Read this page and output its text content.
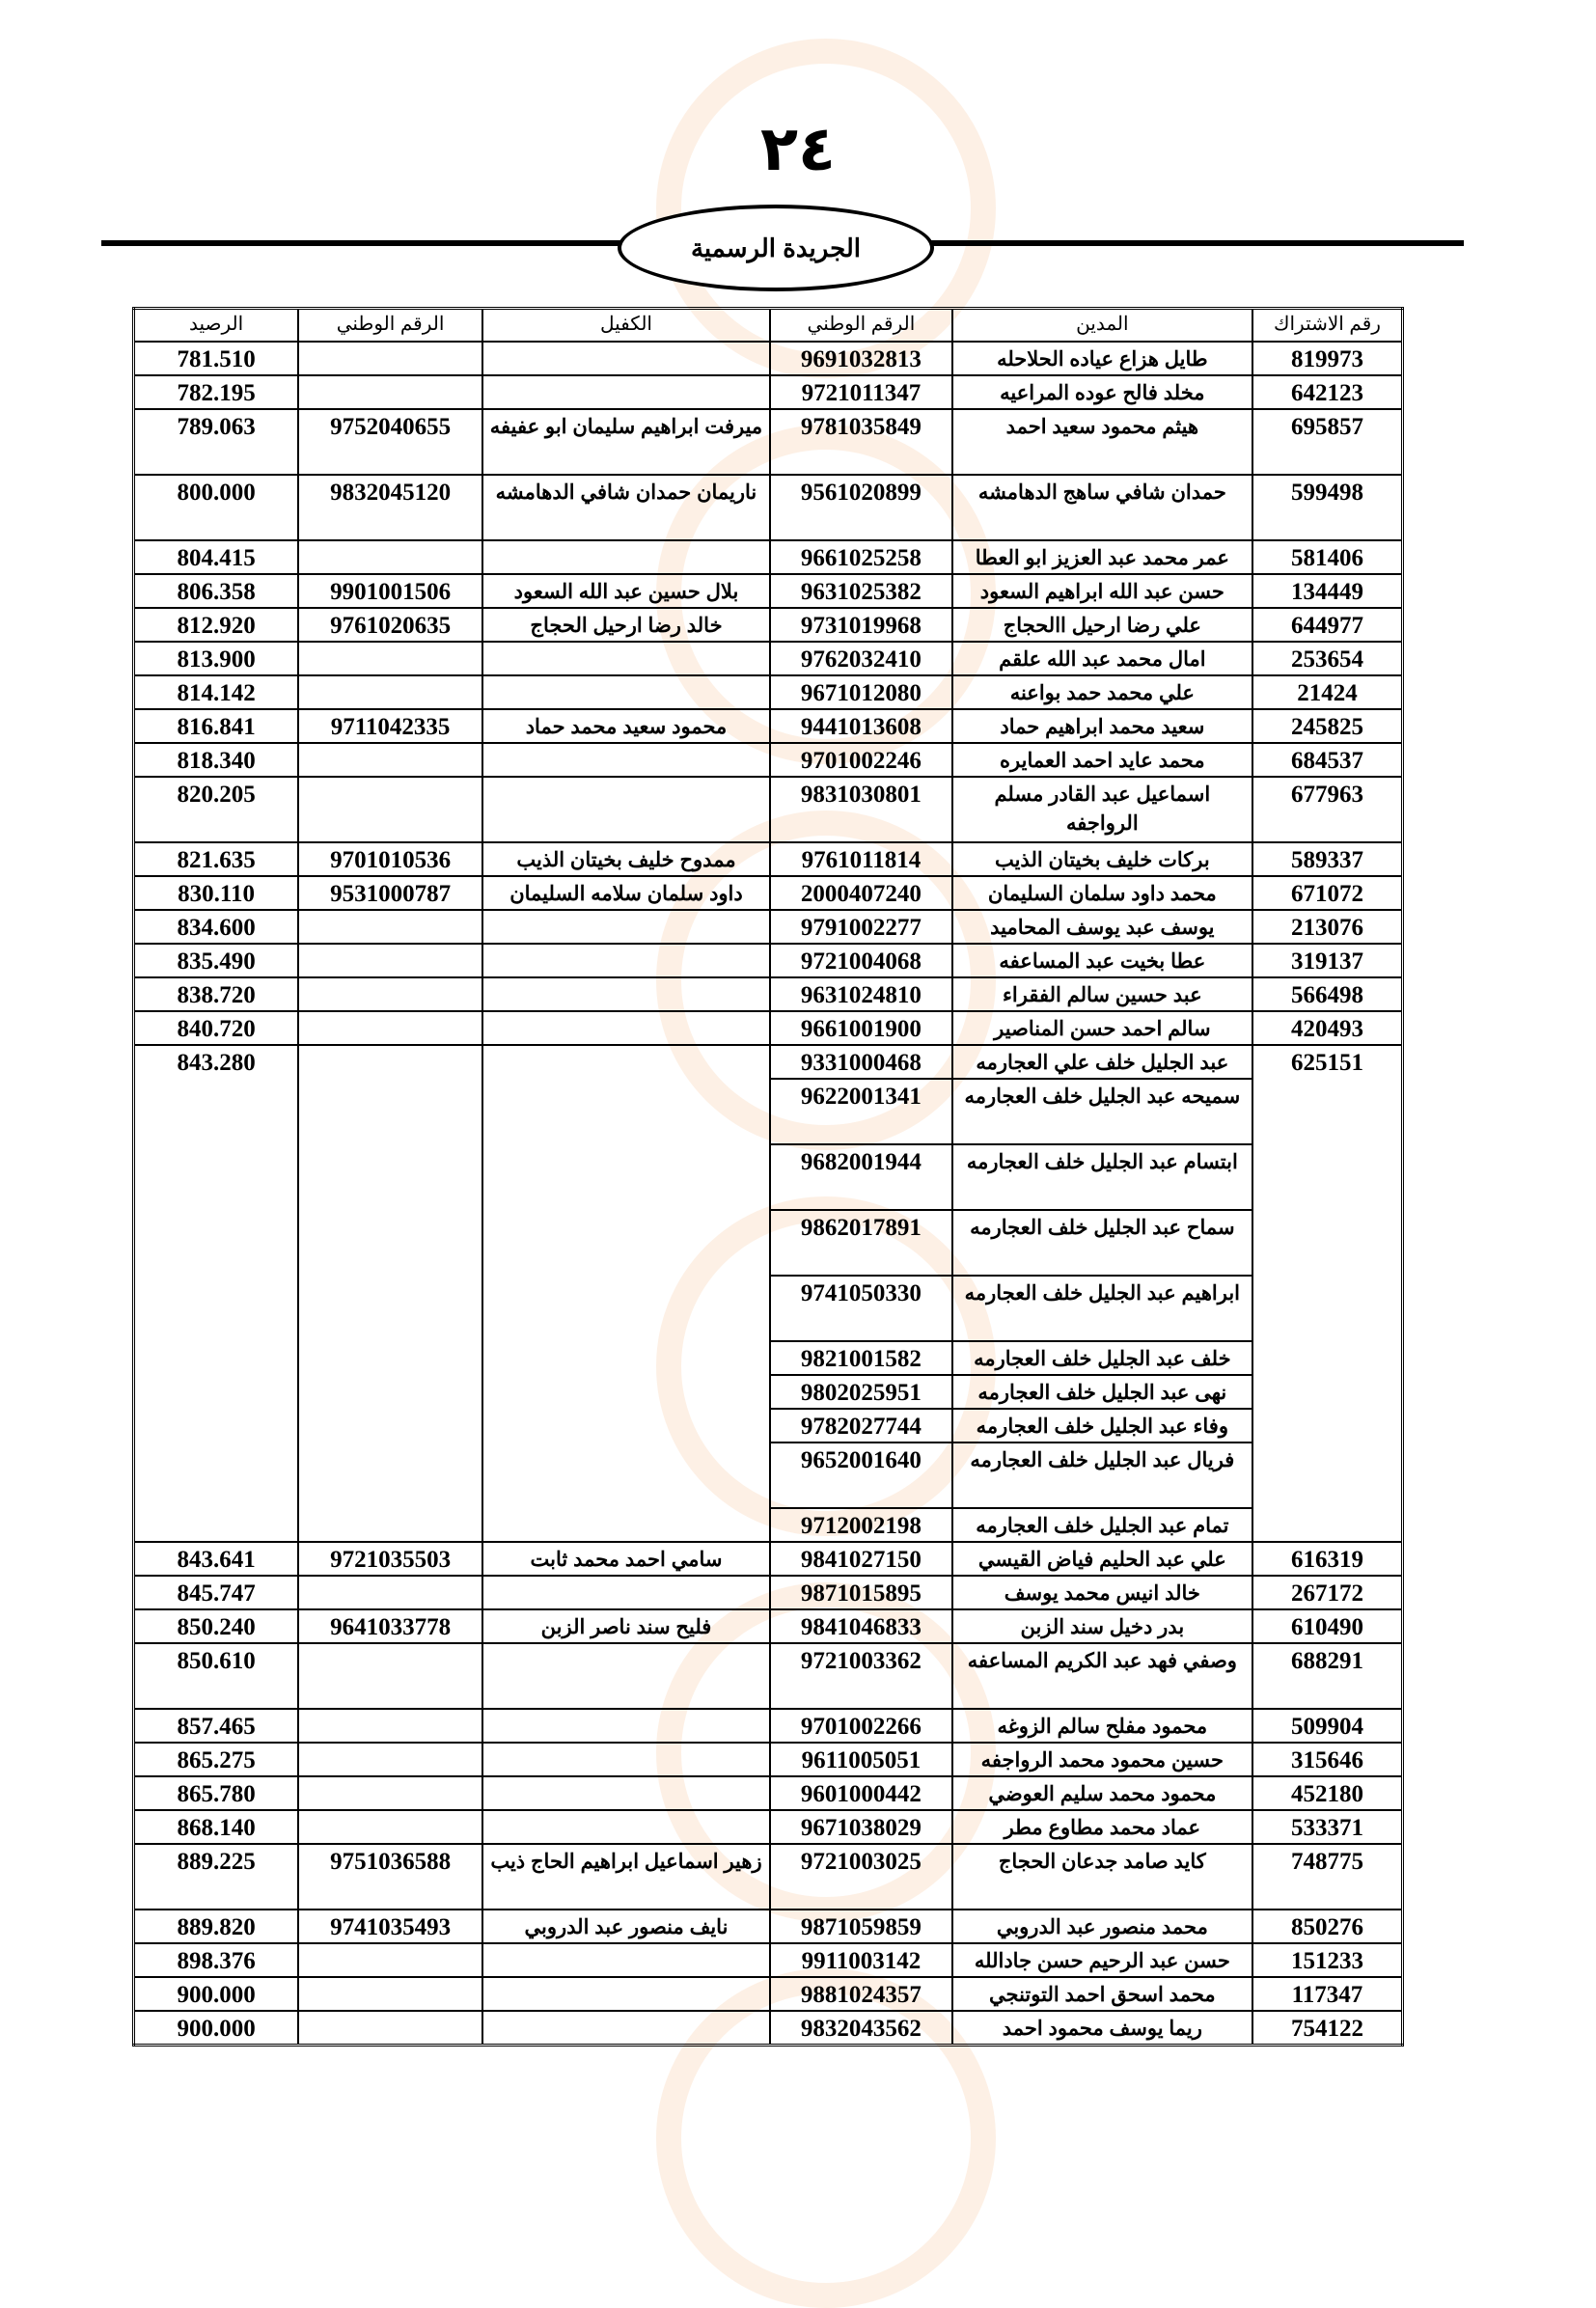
٢٤
الجريدة الرسمية
رقم الاشتراك	المدين	الرقم الوطني	الكفيل	الرقم الوطني	الرصيد
819973	طايل هزاع عياده الحلاحله	9691032813			781.510
642123	مخلد فالح عوده المراعيه	9721011347			782.195
695857	هيثم محمود سعيد احمد	9781035849	ميرفت ابراهيم سليمان ابو عفيفه	9752040655	789.063
599498	حمدان شافي ساهج الدهامشه	9561020899	ناريمان حمدان شافي الدهامشه	9832045120	800.000
581406	عمر محمد عبد العزيز ابو العطا	9661025258			804.415
134449	حسن عبد الله ابراهيم السعود	9631025382	بلال حسين عبد الله السعود	9901001506	806.358
644977	علي رضا ارحيل االحجاج	9731019968	خالد رضا ارحيل الحجاج	9761020635	812.920
253654	امال محمد عبد الله علقم	9762032410			813.900
21424	علي محمد حمد بواعنه	9671012080			814.142
245825	سعيد محمد ابراهيم حماد	9441013608	محمود سعيد محمد حماد	9711042335	816.841
684537	محمد عايد احمد العمايره	9701002246			818.340
677963	اسماعيل عبد القادر مسلم الرواجفه	9831030801			820.205
589337	بركات خليف بخيتان الذيب	9761011814	ممدوح خليف بخيتان الذيب	9701010536	821.635
671072	محمد داود سلمان السليمان	2000407240	داود سلمان سلامه السليمان	9531000787	830.110
213076	يوسف عبد يوسف المحاميد	9791002277			834.600
319137	عطا بخيت عبد المساعفه	9721004068			835.490
566498	عبد حسين سالم الفقراء	9631024810			838.720
420493	سالم احمد حسن المناصير	9661001900			840.720
625151	عبد الجليل خلف علي العجارمه	9331000468			843.280
	سميحه عبد الجليل خلف العجارمه	9622001341			
	ابتسام عبد الجليل خلف العجارمه	9682001944			
	سماح عبد الجليل خلف العجارمه	9862017891			
	ابراهيم عبد الجليل خلف العجارمه	9741050330			
	خلف عبد الجليل خلف العجارمه	9821001582			
	نهى عبد الجليل خلف العجارمه	9802025951			
	وفاء عبد الجليل خلف العجارمه	9782027744			
	فريال عبد الجليل خلف العجارمه	9652001640			
	تمام عبد الجليل خلف العجارمه	9712002198			
616319	علي عبد الحليم فياض القيسي	9841027150	سامي احمد محمد ثابت	9721035503	843.641
267172	خالد انيس محمد يوسف	9871015895			845.747
610490	بدر دخيل سند الزبن	9841046833	فليح سند ناصر الزبن	9641033778	850.240
688291	وصفي فهد عبد الكريم المساعفه	9721003362			850.610
509904	محمود مفلح سالم الزوغه	9701002266			857.465
315646	حسين محمود محمد الرواجفه	9611005051			865.275
452180	محمود محمد سليم العوضي	9601000442			865.780
533371	عماد محمد مطاوع مطر	9671038029			868.140
748775	كايد صامد جدعان الحجاج	9721003025	زهير اسماعيل ابراهيم الحاج ذيب	9751036588	889.225
850276	محمد منصور عبد الدروبي	9871059859	نايف منصور عبد الدروبي	9741035493	889.820
151233	حسن عبد الرحيم حسن جادالله	9911003142			898.376
117347	محمد اسحق احمد التوتنجي	9881024357			900.000
754122	ريما يوسف محمود احمد	9832043562			900.000
